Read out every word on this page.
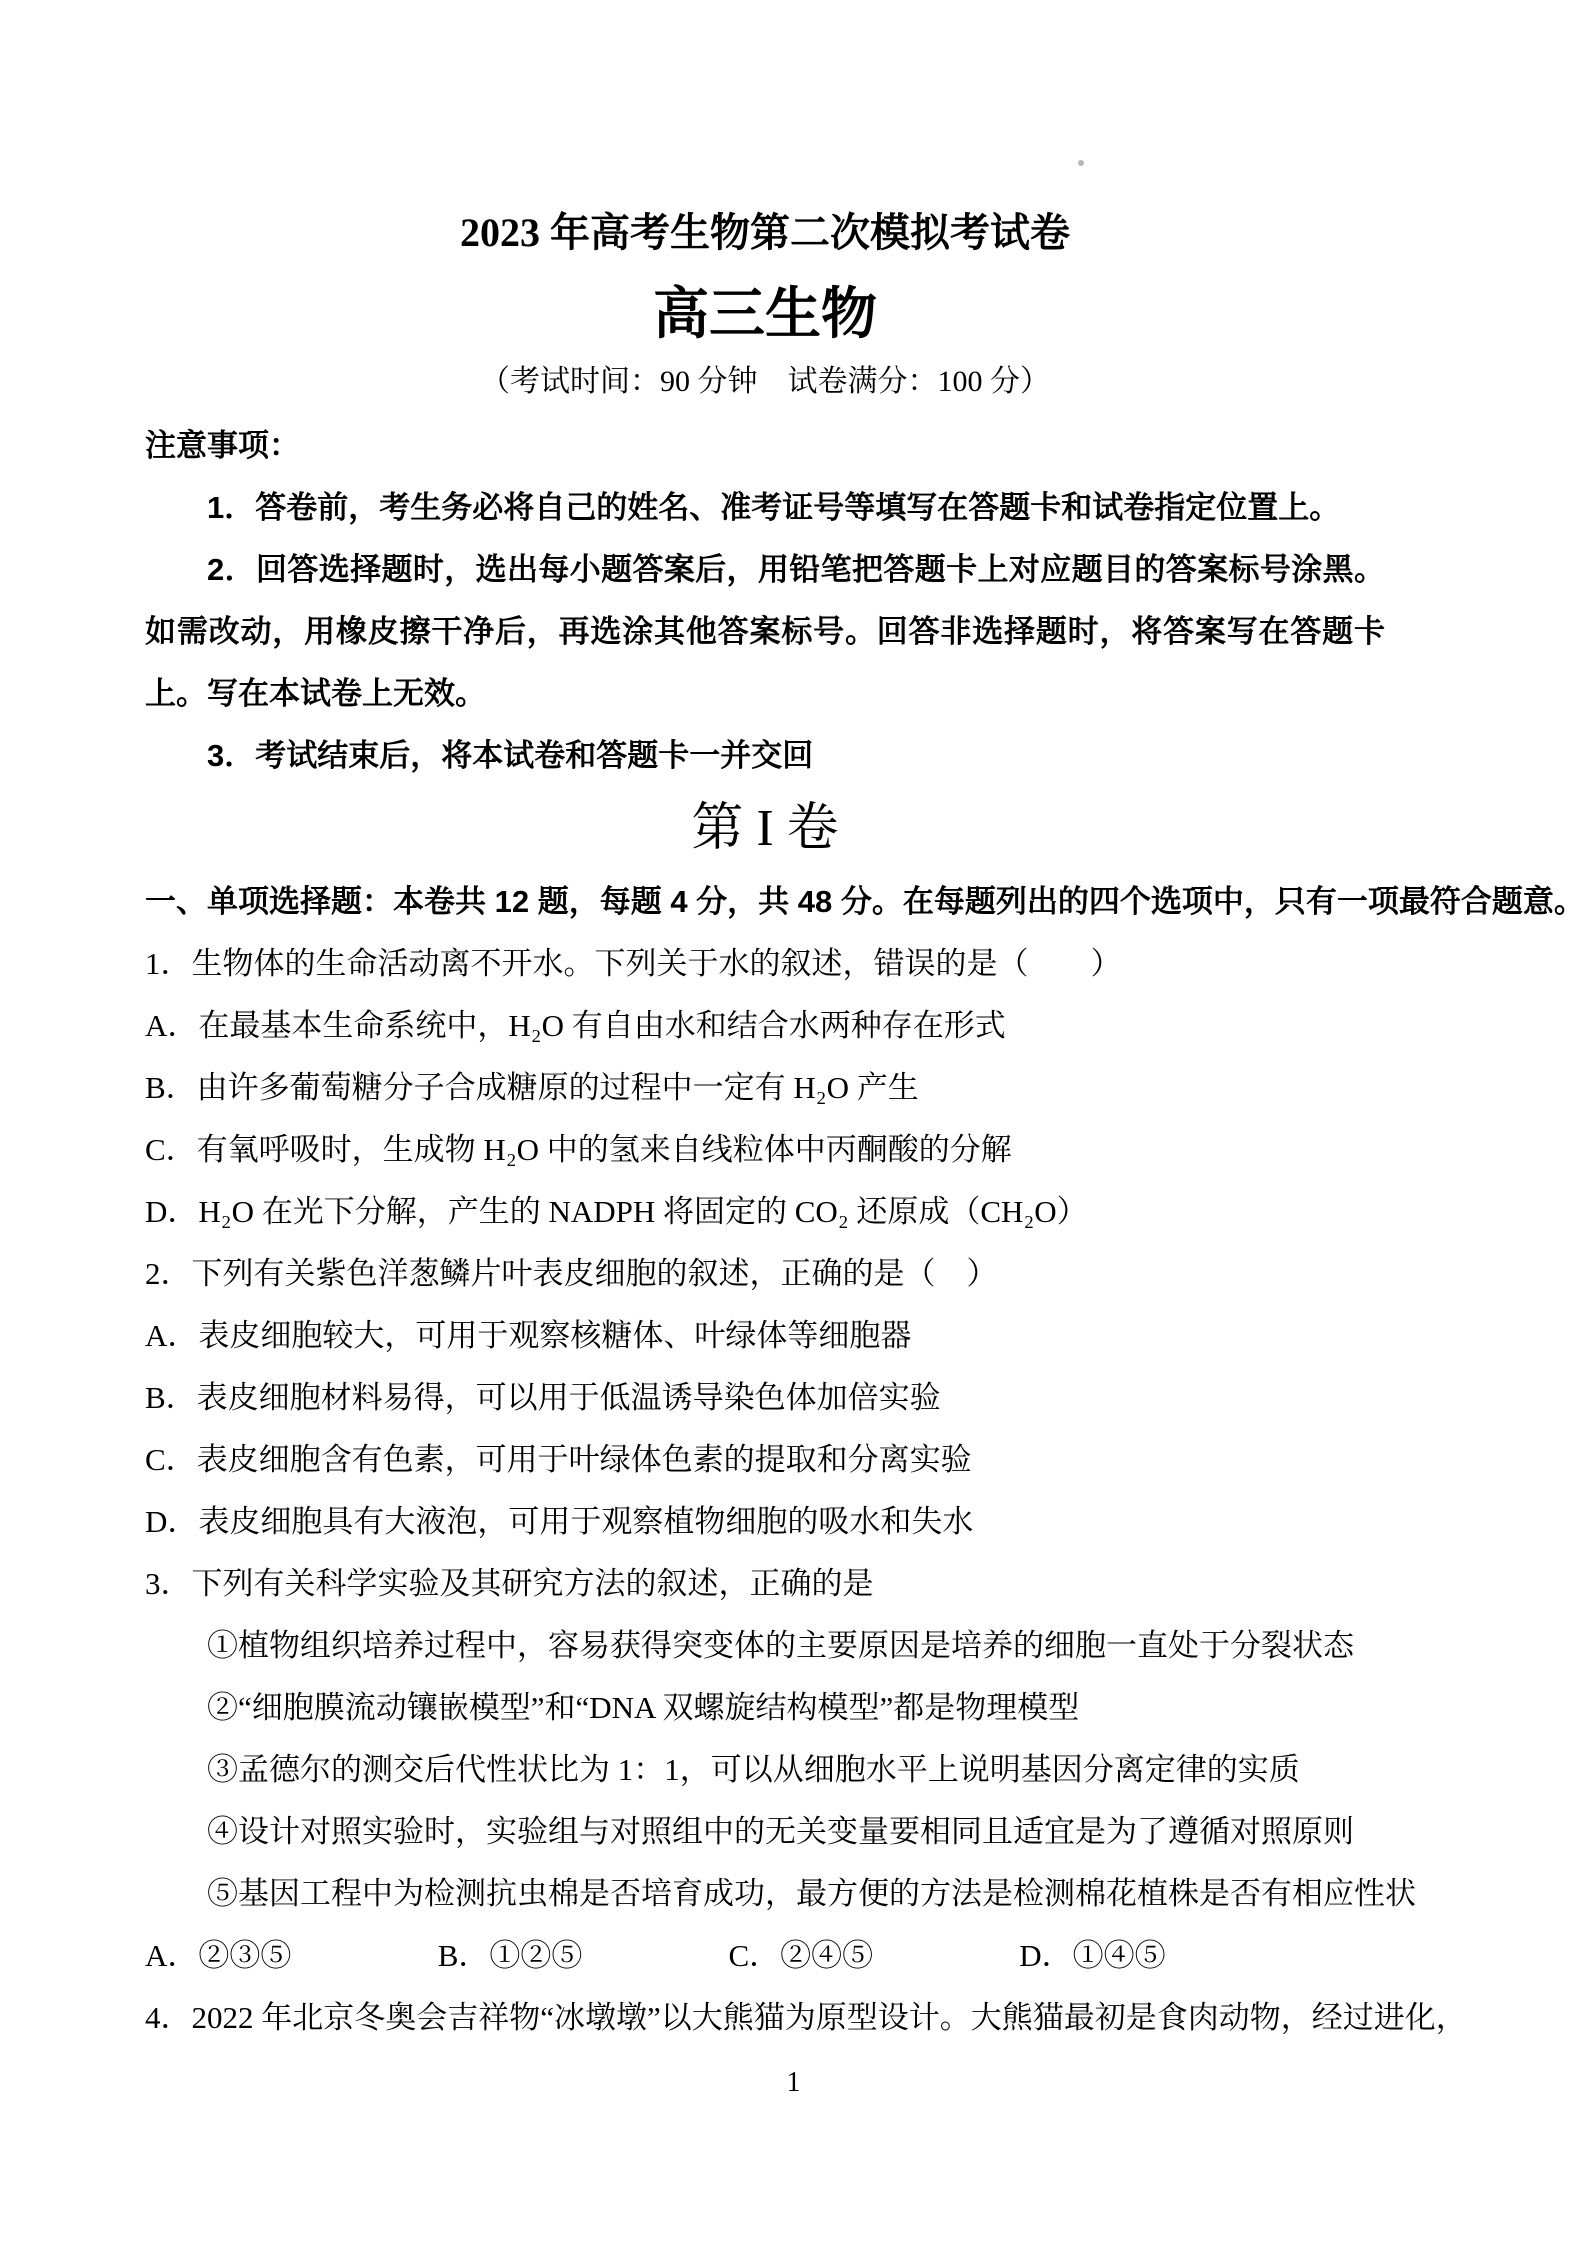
2023 年高考生物第二次模拟考试卷
高三生物
（考试时间：90 分钟　试卷满分：100 分）
注意事项：
1．答卷前，考生务必将自己的姓名、准考证号等填写在答题卡和试卷指定位置上。
2．回答选择题时，选出每小题答案后，用铅笔把答题卡上对应题目的答案标号涂黑。如需改动，用橡皮擦干净后，再选涂其他答案标号。回答非选择题时，将答案写在答题卡上。写在本试卷上无效。
3．考试结束后，将本试卷和答题卡一并交回
第 I 卷
一、单项选择题：本卷共 12 题，每题 4 分，共 48 分。在每题列出的四个选项中，只有一项最符合题意。
1．生物体的生命活动离不开水。下列关于水的叙述，错误的是（　　）
A．在最基本生命系统中，H₂O 有自由水和结合水两种存在形式
B．由许多葡萄糖分子合成糖原的过程中一定有 H₂O 产生
C．有氧呼吸时，生成物 H₂O 中的氢来自线粒体中丙酮酸的分解
D．H₂O 在光下分解，产生的 NADPH 将固定的 CO₂ 还原成（CH₂O）
2．下列有关紫色洋葱鳞片叶表皮细胞的叙述，正确的是（　）
A．表皮细胞较大，可用于观察核糖体、叶绿体等细胞器
B．表皮细胞材料易得，可以用于低温诱导染色体加倍实验
C．表皮细胞含有色素，可用于叶绿体色素的提取和分离实验
D．表皮细胞具有大液泡，可用于观察植物细胞的吸水和失水
3．下列有关科学实验及其研究方法的叙述，正确的是
①植物组织培养过程中，容易获得突变体的主要原因是培养的细胞一直处于分裂状态
②“细胞膜流动镶嵌模型”和“DNA 双螺旋结构模型”都是物理模型
③孟德尔的测交后代性状比为 1：1，可以从细胞水平上说明基因分离定律的实质
④设计对照实验时，实验组与对照组中的无关变量要相同且适宜是为了遵循对照原则
⑤基因工程中为检测抗虫棉是否培育成功，最方便的方法是检测棉花植株是否有相应性状
A．②③⑤	B．①②⑤	C．②④⑤	D．①④⑤
4．2022 年北京冬奥会吉祥物“冰墩墩”以大熊猫为原型设计。大熊猫最初是食肉动物，经过进化，
1
